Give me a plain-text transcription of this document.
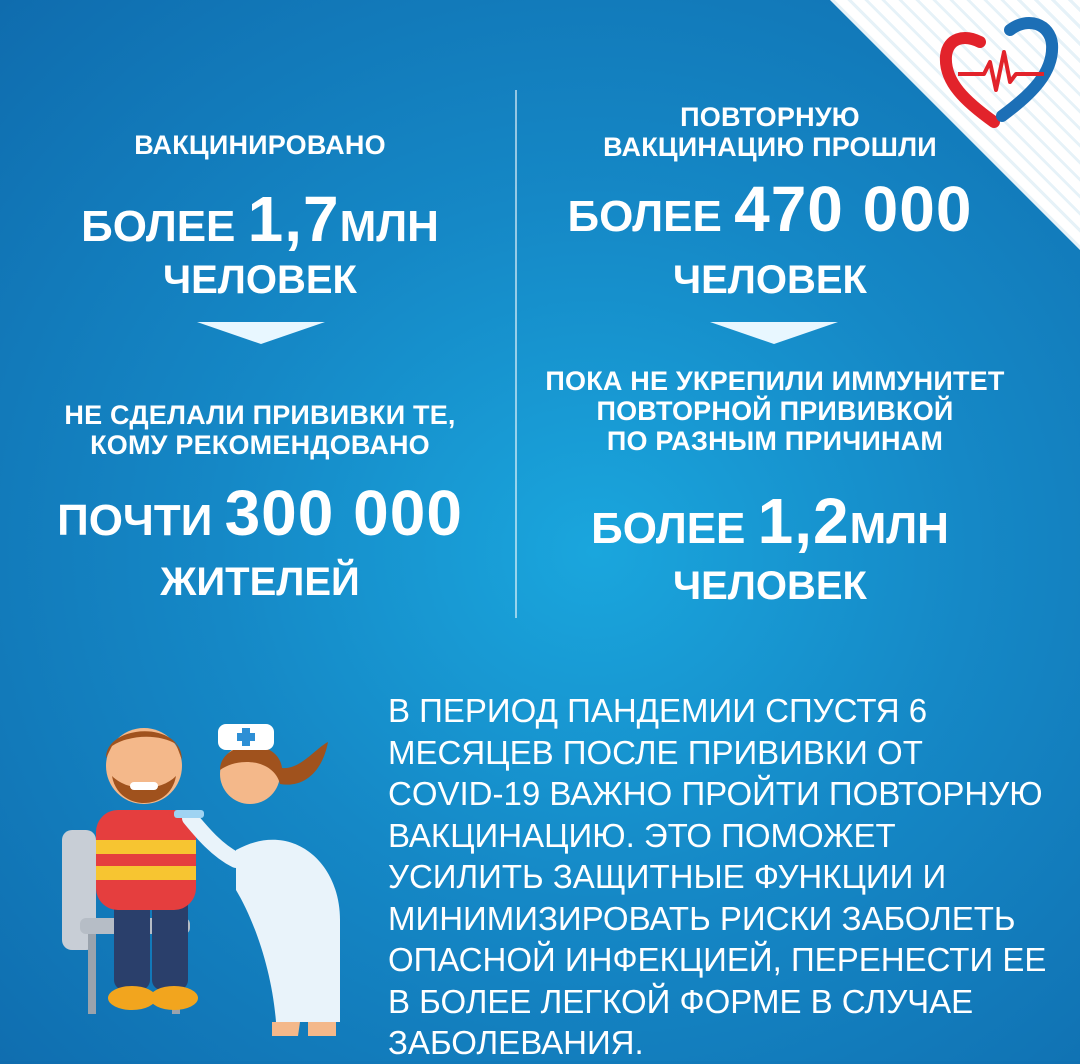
ВАКЦИНИРОВАНО
БОЛЕЕ 1,7МЛН
ЧЕЛОВЕК
НЕ СДЕЛАЛИ ПРИВИВКИ ТЕ,
КОМУ РЕКОМЕНДОВАНО
ПОЧТИ 300 000
ЖИТЕЛЕЙ
ПОВТОРНУЮ
ВАКЦИНАЦИЮ ПРОШЛИ
БОЛЕЕ 470 000
ЧЕЛОВЕК
ПОКА НЕ УКРЕПИЛИ ИММУНИТЕТ
ПОВТОРНОЙ ПРИВИВКОЙ
ПО РАЗНЫМ ПРИЧИНАМ
БОЛЕЕ 1,2МЛН
ЧЕЛОВЕК
В ПЕРИОД ПАНДЕМИИ СПУСТЯ 6
МЕСЯЦЕВ ПОСЛЕ ПРИВИВКИ ОТ
COVID-19 ВАЖНО ПРОЙТИ ПОВТОРНУЮ
ВАКЦИНАЦИЮ. ЭТО ПОМОЖЕТ
УСИЛИТЬ ЗАЩИТНЫЕ ФУНКЦИИ И
МИНИМИЗИРОВАТЬ РИСКИ ЗАБОЛЕТЬ
ОПАСНОЙ ИНФЕКЦИЕЙ, ПЕРЕНЕСТИ ЕЕ
В БОЛЕЕ ЛЕГКОЙ ФОРМЕ В СЛУЧАЕ
ЗАБОЛЕВАНИЯ.
